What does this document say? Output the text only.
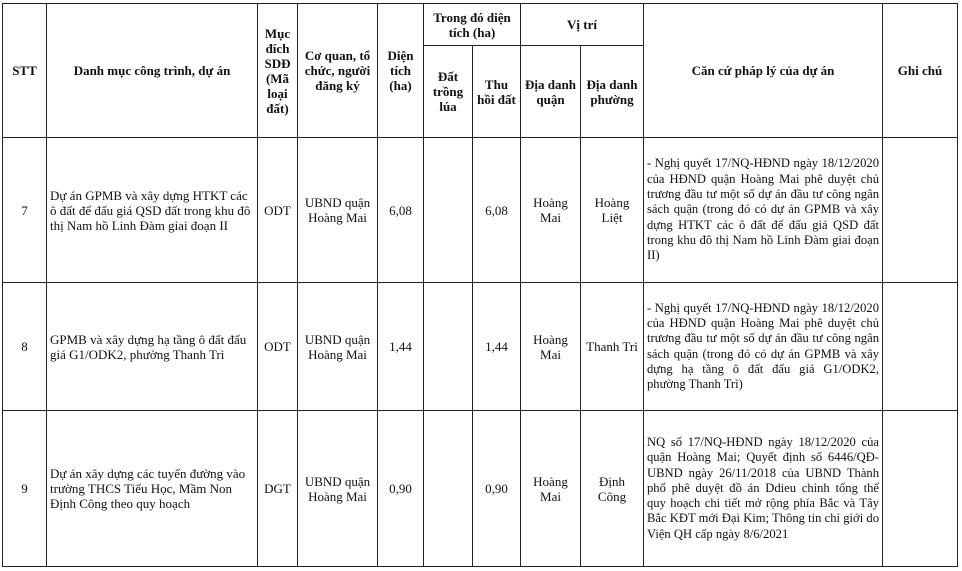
STT	Danh mục công trình, dự án	Mục đích SDĐ (Mã loại đất)	Cơ quan, tổ chức, người đăng ký	Diện tích (ha)	Trong đó diện tích (ha)		Vị trí		Căn cứ pháp lý của dự án	Ghi chú
					Đất trồng lúa	Thu hồi đất	Địa danh quận	Địa danh phường		
7	Dự án GPMB và xây dựng HTKT các ô đất để đấu giá QSD đất trong khu đô thị Nam hồ Linh Đàm giai đoạn II	ODT	UBND quận Hoàng Mai	6,08		6,08	Hoàng Mai	Hoàng Liệt	- Nghị quyết 17/NQ-HĐND ngày 18/12/2020 của HĐND quận Hoàng Mai phê duyệt chủ trương đầu tư một số dự án đầu tư công ngân sách quận (trong đó có dự án GPMB và xây dựng HTKT các ô đất để đấu giá QSD đất trong khu đô thị Nam hồ Linh Đàm giai đoạn II)	
8	GPMB và xây dựng hạ tầng ô đất đấu giá G1/ODK2, phường Thanh Trì	ODT	UBND quận Hoàng Mai	1,44		1,44	Hoàng Mai	Thanh Trì	- Nghị quyết 17/NQ-HĐND ngày 18/12/2020 của HĐND quận Hoàng Mai phê duyệt chủ trương đầu tư một số dự án đầu tư công ngân sách quận (trong đó có dự án GPMB và xây dựng hạ tầng ô đất đấu giá G1/ODK2, phường Thanh Trì)	
9	Dự án xây dựng các tuyến đường vào trường THCS Tiểu Học, Mầm Non Định Công theo quy hoạch	DGT	UBND quận Hoàng Mai	0,90		0,90	Hoàng Mai	Định Công	NQ số 17/NQ-HĐND ngày 18/12/2020 của quận Hoàng Mai; Quyết định số 6446/QĐ-UBND ngày 26/11/2018 của UBND Thành phố phê duyệt đồ án Ddieu chỉnh tổng thể quy hoạch chi tiết mở rộng phía Bắc và Tây Bắc KĐT mới Đại Kim; Thông tin chỉ giới do Viện QH cấp ngày 8/6/2021	
